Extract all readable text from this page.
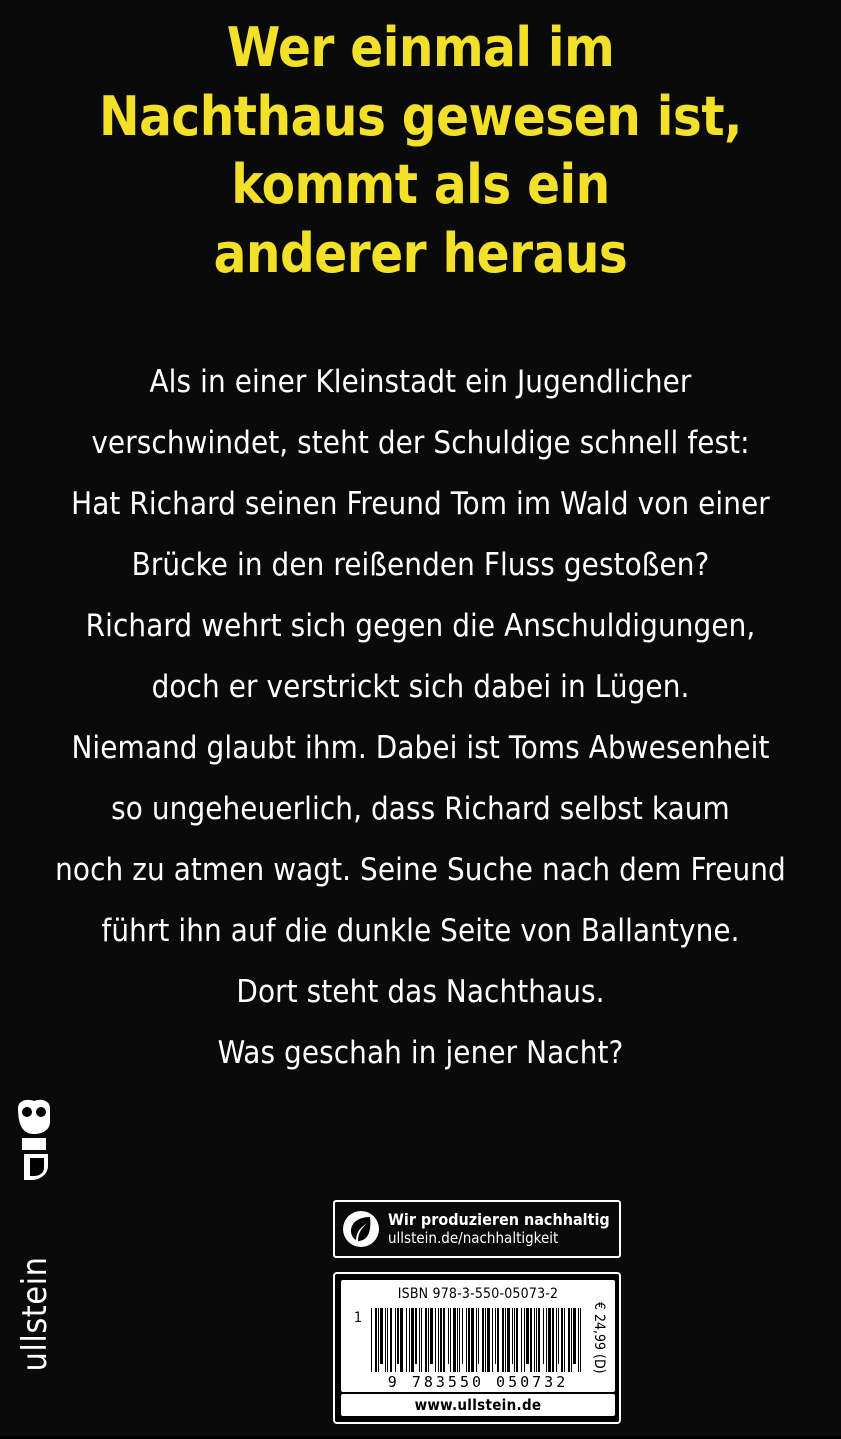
Wer einmal im
Nachthaus gewesen ist,
kommt als ein
anderer heraus
Als in einer Kleinstadt ein Jugendlicher
verschwindet, steht der Schuldige schnell fest:
Hat Richard seinen Freund Tom im Wald von einer
Brücke in den reißenden Fluss gestoßen?
Richard wehrt sich gegen die Anschuldigungen,
doch er verstrickt sich dabei in Lügen.
Niemand glaubt ihm. Dabei ist Toms Abwesenheit
so ungeheuerlich, dass Richard selbst kaum
noch zu atmen wagt. Seine Suche nach dem Freund
führt ihn auf die dunkle Seite von Ballantyne.
Dort steht das Nachthaus.
Was geschah in jener Nacht?
ullstein
Wir produzieren nachhaltig
ullstein.de/nachhaltigkeit
ISBN 978-3-550-05073-2
1	€ 24,99 (D)
9 783550 050732
www.ullstein.de
